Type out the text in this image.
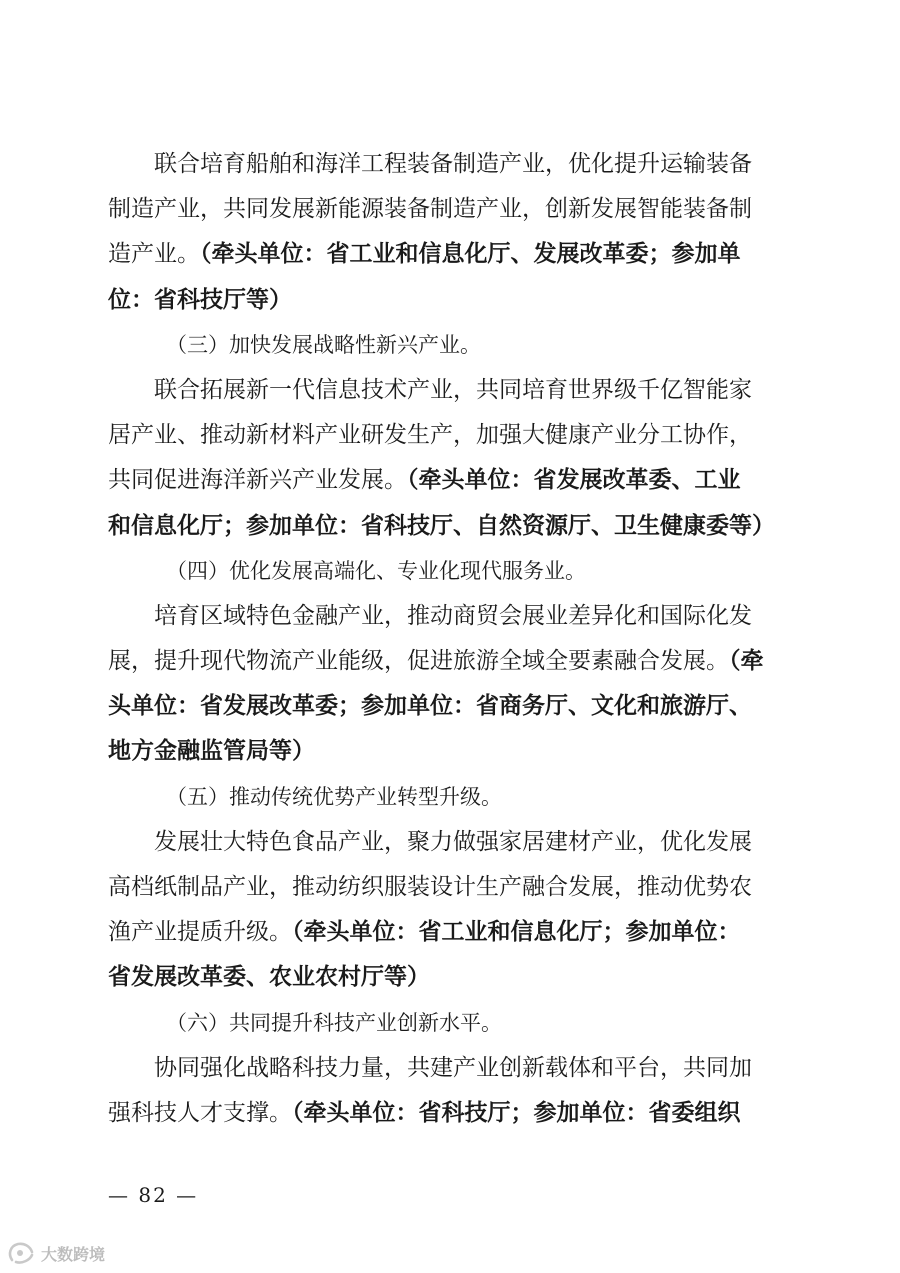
联合培育船舶和海洋工程装备制造产业，优化提升运输装备
制造产业，共同发展新能源装备制造产业，创新发展智能装备制
造产业。（牵头单位：省工业和信息化厅、发展改革委；参加单
位：省科技厅等）
（三）加快发展战略性新兴产业。
联合拓展新一代信息技术产业，共同培育世界级千亿智能家
居产业、推动新材料产业研发生产，加强大健康产业分工协作，
共同促进海洋新兴产业发展。（牵头单位：省发展改革委、工业
和信息化厅；参加单位：省科技厅、自然资源厅、卫生健康委等）
（四）优化发展高端化、专业化现代服务业。
培育区域特色金融产业，推动商贸会展业差异化和国际化发
展，提升现代物流产业能级，促进旅游全域全要素融合发展。（牵
头单位：省发展改革委；参加单位：省商务厅、文化和旅游厅、
地方金融监管局等）
（五）推动传统优势产业转型升级。
发展壮大特色食品产业，聚力做强家居建材产业，优化发展
高档纸制品产业，推动纺织服装设计生产融合发展，推动优势农
渔产业提质升级。（牵头单位：省工业和信息化厅；参加单位：
省发展改革委、农业农村厅等）
（六）共同提升科技产业创新水平。
协同强化战略科技力量，共建产业创新载体和平台，共同加
强科技人才支撑。（牵头单位：省科技厅；参加单位：省委组织
— 82 —
大数跨境
